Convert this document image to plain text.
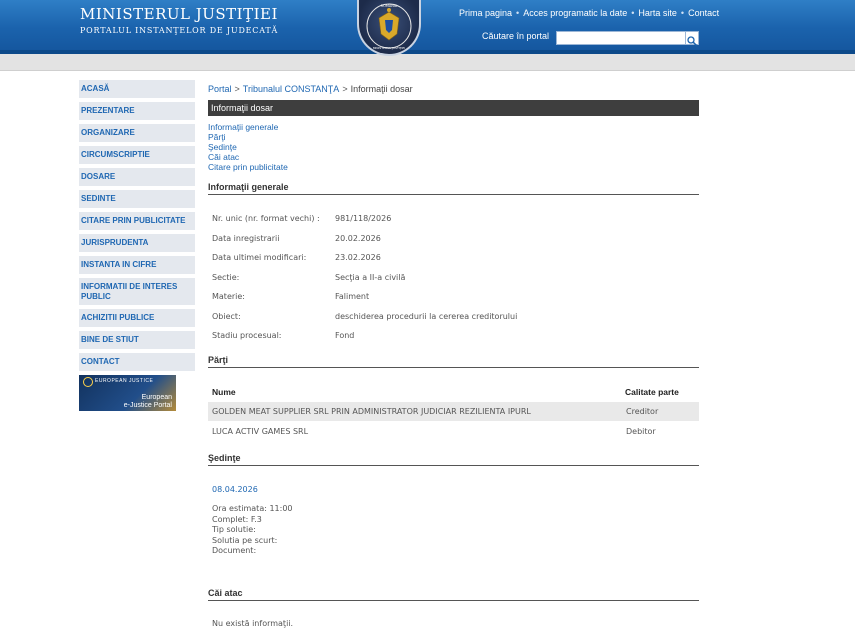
MINISTERUL JUSTIŢIEI
PORTALUL INSTANŢELOR DE JUDECATĂ
Prima pagina • Acces programatic la date • Harta site • Contact
Căutare în portal
ROMÂNIA
MINISTERUL JUSTIŢIEI
ACASĂ
PREZENTARE
ORGANIZARE
CIRCUMSCRIPTIE
DOSARE
SEDINTE
CITARE PRIN PUBLICITATE
JURISPRUDENTA
INSTANTA IN CIFRE
INFORMATII DE INTERES PUBLIC
ACHIZITII PUBLICE
BINE DE STIUT
CONTACT
EUROPEAN JUSTICE
European
e-Justice Portal
Portal > Tribunalul CONSTANŢA > Informaţii dosar
Informaţii dosar
Informaţii generale
Părţi
Şedinţe
Căi atac
Citare prin publicitate
Informaţii generale
Nr. unic (nr. format vechi) :	981/118/2026
Data inregistrarii	20.02.2026
Data ultimei modificari:	23.02.2026
Sectie:	Secţia a II-a civilă
Materie:	Faliment
Obiect:	deschiderea procedurii la cererea creditorului
Stadiu procesual:	Fond
Părţi
Nume	Calitate parte
GOLDEN MEAT SUPPLIER SRL PRIN ADMINISTRATOR JUDICIAR REZILIENTA IPURL	Creditor
LUCA ACTIV GAMES SRL	Debitor
Şedinţe
08.04.2026
Ora estimata: 11:00
Complet: F.3
Tip solutie:
Solutia pe scurt:
Document:
Căi atac
Nu există informaţii.
